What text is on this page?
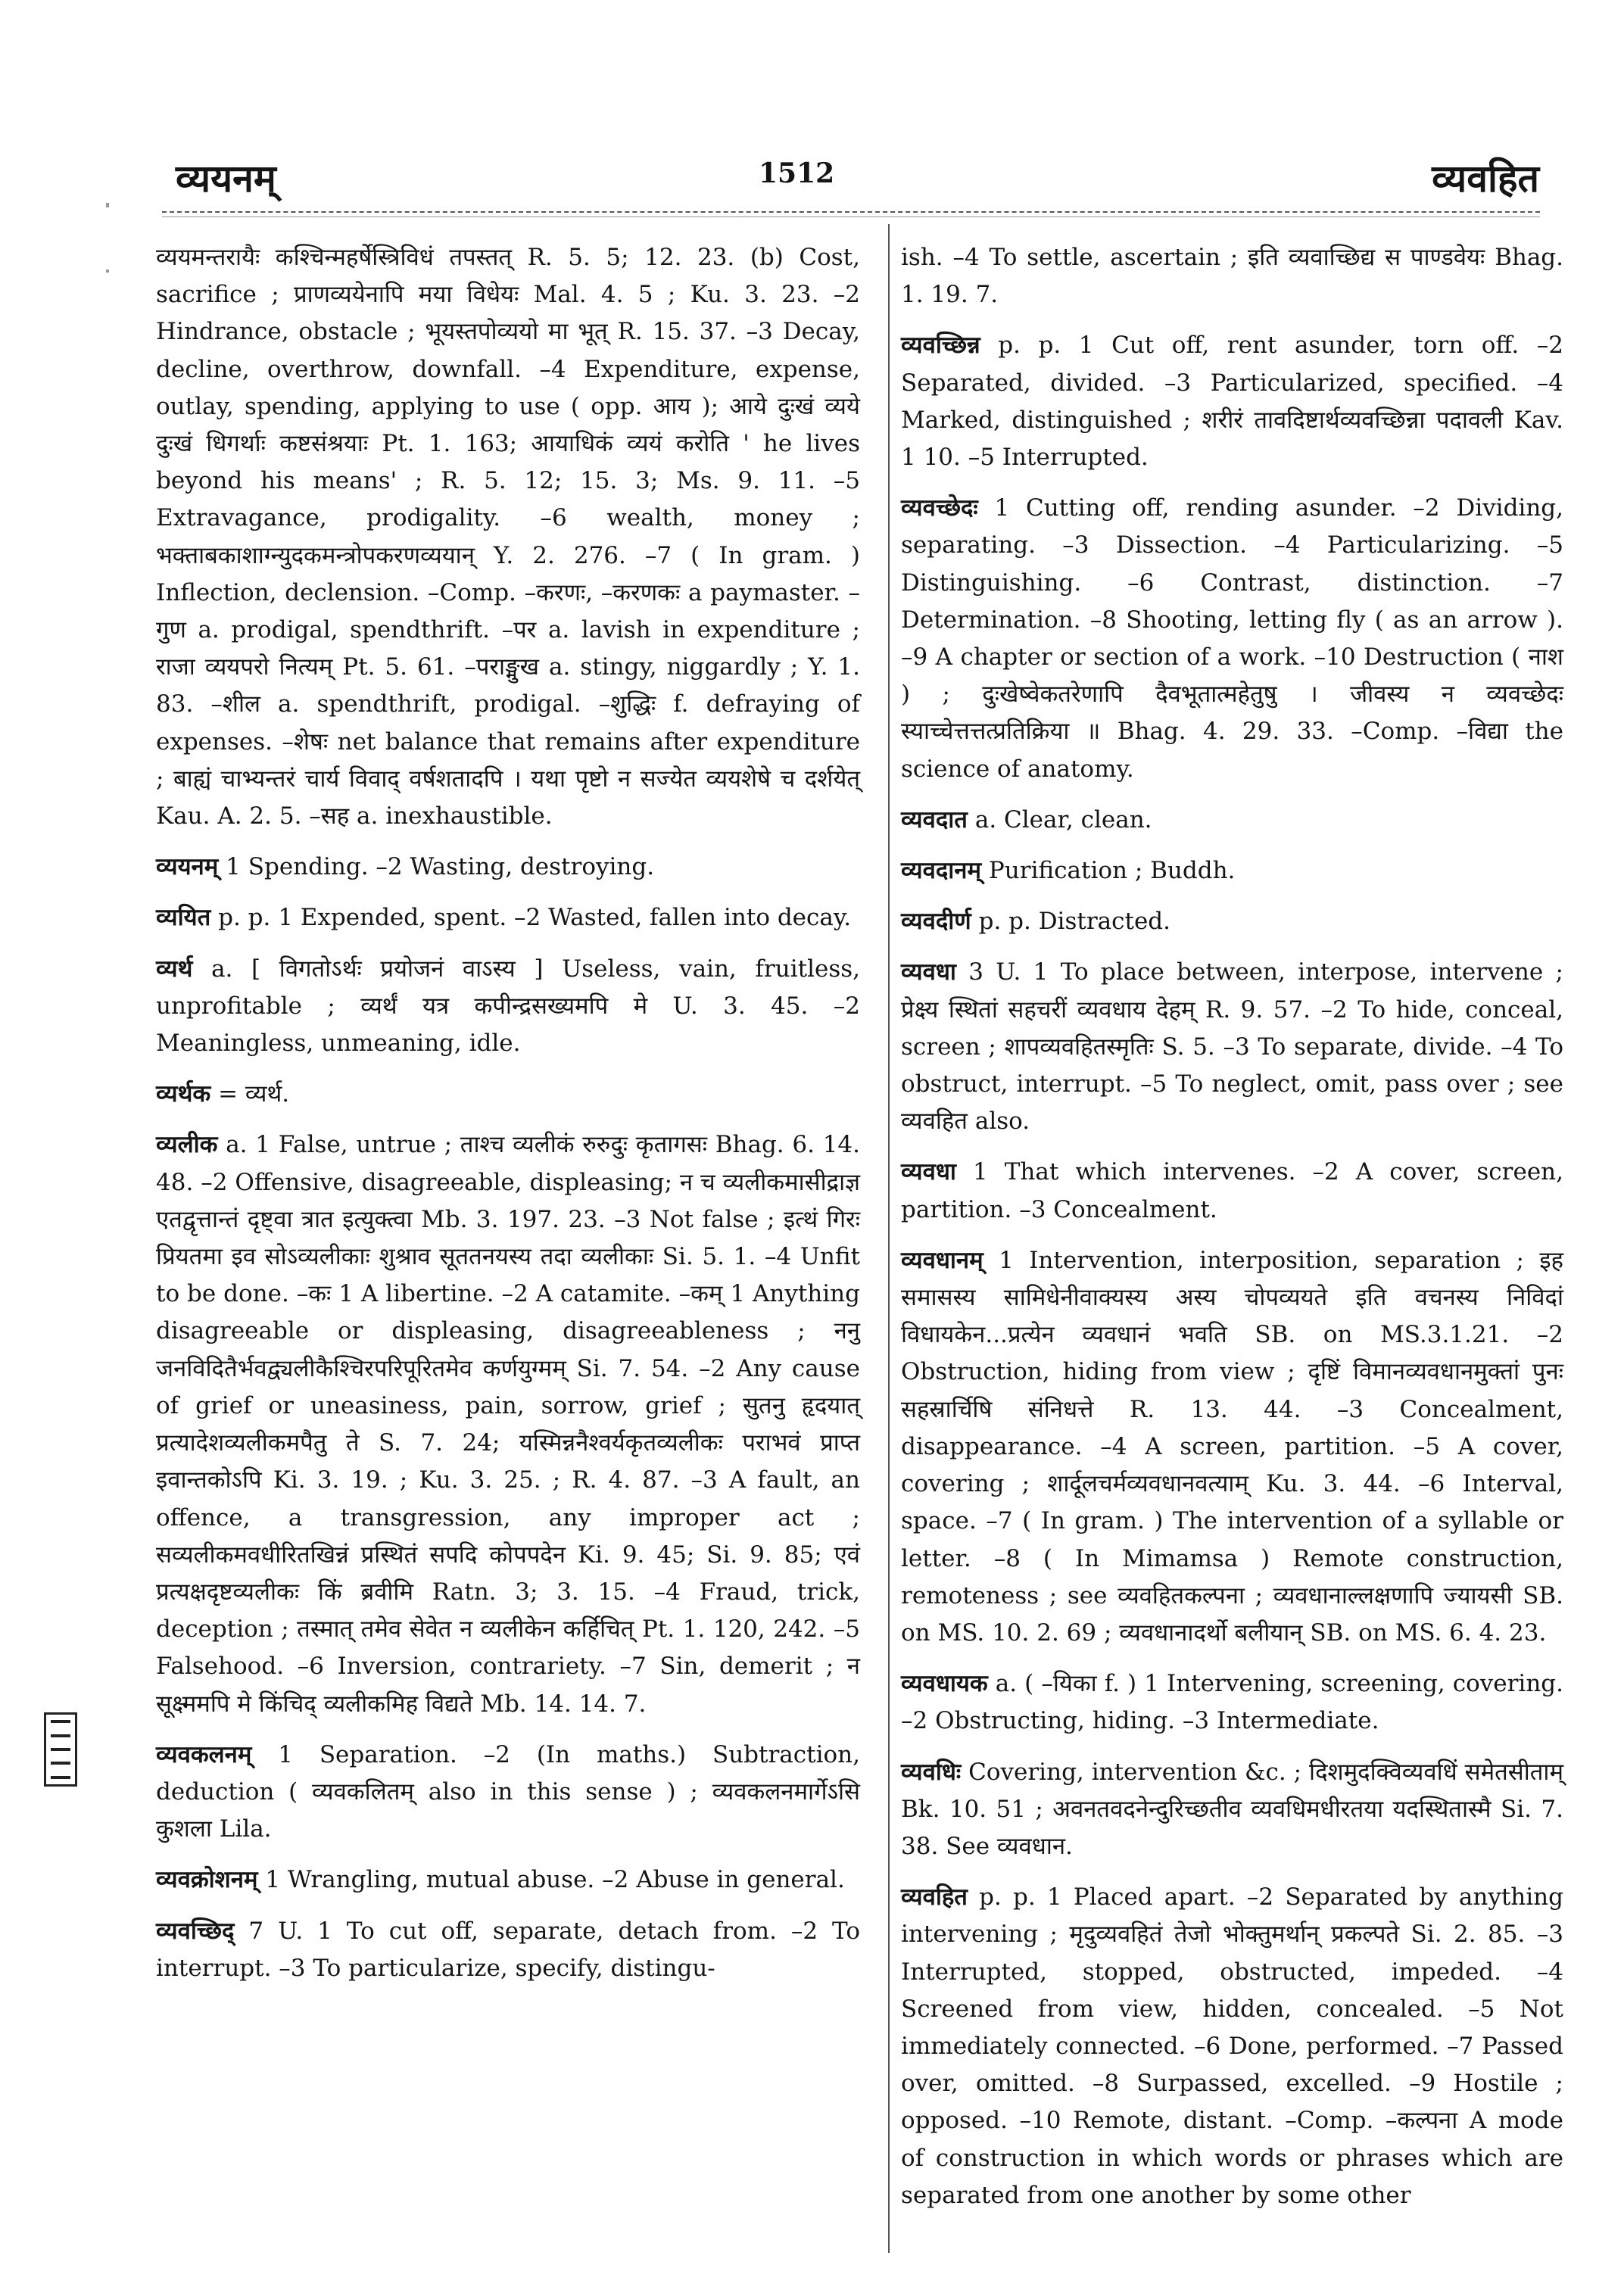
व्ययनम्	1512	व्यवहित

व्ययमन्तरायैः कश्चिन्महर्षेस्त्रिविधं तपस्तत् R. 5. 5; 12. 23. (b) Cost, sacrifice ; प्राणव्ययेनापि मया विधेयः Mal. 4. 5 ; Ku. 3. 23. –2 Hindrance, obstacle ; भूयस्तपोव्ययो मा भूत् R. 15. 37. –3 Decay, decline, overthrow, downfall. –4 Expenditure, expense, outlay, spending, applying to use ( opp. आय ); आये दुःखं व्यये दुःखं धिगर्थाः कष्टसंश्रयाः Pt. 1. 163; आयाधिकं व्ययं करोति ' he lives beyond his means' ; R. 5. 12; 15. 3; Ms. 9. 11. –5 Extravagance, prodigality. –6 wealth, money ; भक्ताबकाशाग्न्युदकमन्त्रोपकरणव्ययान् Y. 2. 276. –7 ( In gram. ) Inflection, declension. –Comp. –करणः, –करणकः a paymaster. –गुण a. prodigal, spendthrift. –पर a. lavish in expenditure ; राजा व्ययपरो नित्यम् Pt. 5. 61. –पराङ्मुख a. stingy, niggardly ; Y. 1. 83. –शील a. spendthrift, prodigal. –शुद्धिः f. defraying of expenses. –शेषः net balance that remains after expenditure ; बाह्यं चाभ्यन्तरं चार्य विवाद् वर्षशतादपि । यथा पृष्टो न सज्येत व्ययशेषे च दर्शयेत् Kau. A. 2. 5. –सह a. inexhaustible.

व्ययनम् 1 Spending. –2 Wasting, destroying.

व्ययित p. p. 1 Expended, spent. –2 Wasted, fallen into decay.

व्यर्थ a. [ विगतोऽर्थः प्रयोजनं वाऽस्य ] Useless, vain, fruitless, unprofitable ; व्यर्थं यत्र कपीन्द्रसख्यमपि मे U. 3. 45. –2 Meaningless, unmeaning, idle.

व्यर्थक = व्यर्थ.

व्यलीक a. 1 False, untrue ; ताश्च व्यलीकं रुरुदुः कृतागसः Bhag. 6. 14. 48. –2 Offensive, disagreeable, displeasing; न च व्यलीकमासीद्राज्ञ एतद्वृत्तान्तं दृष्ट्वा त्रात इत्युक्त्वा Mb. 3. 197. 23. –3 Not false ; इत्थं गिरः प्रियतमा इव सोऽव्यलीकाः शुश्राव सूततनयस्य तदा व्यलीकाः Si. 5. 1. –4 Unfit to be done. –कः 1 A libertine. –2 A catamite. –कम् 1 Anything disagreeable or displeasing, disagreeableness ; ननु जनविदितैर्भवद्व्यलीकैश्चिरपरिपूरितमेव कर्णयुग्मम् Si. 7. 54. –2 Any cause of grief or uneasiness, pain, sorrow, grief ; सुतनु हृदयात् प्रत्यादेशव्यलीकमपैतु ते S. 7. 24; यस्मिन्ननैश्वर्यकृतव्यलीकः पराभवं प्राप्त इवान्तकोऽपि Ki. 3. 19. ; Ku. 3. 25. ; R. 4. 87. –3 A fault, an offence, a transgression, any improper act ; सव्यलीकमवधीरितखिन्नं प्रस्थितं सपदि कोपपदेन Ki. 9. 45; Si. 9. 85; एवं प्रत्यक्षदृष्टव्यलीकः किं ब्रवीमि Ratn. 3; 3. 15. –4 Fraud, trick, deception ; तस्मात् तमेव सेवेत न व्यलीकेन कर्हिचित् Pt. 1. 120, 242. –5 Falsehood. –6 Inversion, contrariety. –7 Sin, demerit ; न सूक्ष्ममपि मे किंचिद् व्यलीकमिह विद्यते Mb. 14. 14. 7.

व्यवकलनम् 1 Separation. –2 (In maths.) Subtraction, deduction ( व्यवकलितम् also in this sense ) ; व्यवकलनमार्गेऽसि कुशला Lila.

व्यवक्रोशनम् 1 Wrangling, mutual abuse. –2 Abuse in general.

व्यवच्छिद् 7 U. 1 To cut off, separate, detach from. –2 To interrupt. –3 To particularize, specify, distingu-

ish. –4 To settle, ascertain ; इति व्यवाच्छिद्य स पाण्डवेयः Bhag. 1. 19. 7.

व्यवच्छिन्न p. p. 1 Cut off, rent asunder, torn off. –2 Separated, divided. –3 Particularized, specified. –4 Marked, distinguished ; शरीरं तावदिष्टार्थव्यवच्छिन्ना पदावली Kav. 1 10. –5 Interrupted.

व्यवच्छेदः 1 Cutting off, rending asunder. –2 Dividing, separating. –3 Dissection. –4 Particularizing. –5 Distinguishing. –6 Contrast, distinction. –7 Determination. –8 Shooting, letting fly ( as an arrow ). –9 A chapter or section of a work. –10 Destruction ( नाश ) ; दुःखेष्वेकतरेणापि दैवभूतात्महेतुषु । जीवस्य न व्यवच्छेदः स्याच्चेत्तत्तत्प्रतिक्रिया ॥ Bhag. 4. 29. 33. –Comp. –विद्या the science of anatomy.

व्यवदात a. Clear, clean.

व्यवदानम् Purification ; Buddh.

व्यवदीर्ण p. p. Distracted.

व्यवधा 3 U. 1 To place between, interpose, intervene ; प्रेक्ष्य स्थितां सहचरीं व्यवधाय देहम् R. 9. 57. –2 To hide, conceal, screen ; शापव्यवहितस्मृतिः S. 5. –3 To separate, divide. –4 To obstruct, interrupt. –5 To neglect, omit, pass over ; see व्यवहित also.

व्यवधा 1 That which intervenes. –2 A cover, screen, partition. –3 Concealment.

व्यवधानम् 1 Intervention, interposition, separation ; इह समासस्य सामिधेनीवाक्यस्य अस्य चोपव्ययते इति वचनस्य निविदां विधायकेन...प्रत्येन व्यवधानं भवति SB. on MS.3.1.21. –2 Obstruction, hiding from view ; दृष्टिं विमानव्यवधानमुक्तां पुनः सहस्रार्चिषि संनिधत्ते R. 13. 44. –3 Concealment, disappearance. –4 A screen, partition. –5 A cover, covering ; शार्दूलचर्मव्यवधानवत्याम् Ku. 3. 44. –6 Interval, space. –7 ( In gram. ) The intervention of a syllable or letter. –8 ( In Mimamsa ) Remote construction, remoteness ; see व्यवहितकल्पना ; व्यवधानाल्लक्षणापि ज्यायसी SB. on MS. 10. 2. 69 ; व्यवधानादर्थो बलीयान् SB. on MS. 6. 4. 23.

व्यवधायक a. ( –यिका f. ) 1 Intervening, screening, covering. –2 Obstructing, hiding. –3 Intermediate.

व्यवधिः Covering, intervention &c. ; दिशमुदक्विव्यवधिं समेतसीताम् Bk. 10. 51 ; अवनतवदनेन्दुरिच्छतीव व्यवधिमधीरतया यदस्थितास्मै Si. 7. 38. See व्यवधान.

व्यवहित p. p. 1 Placed apart. –2 Separated by anything intervening ; मृदुव्यवहितं तेजो भोक्तुमर्थान् प्रकल्पते Si. 2. 85. –3 Interrupted, stopped, obstructed, impeded. –4 Screened from view, hidden, concealed. –5 Not immediately connected. –6 Done, performed. –7 Passed over, omitted. –8 Surpassed, excelled. –9 Hostile ; opposed. –10 Remote, distant. –Comp. –कल्पना A mode of construction in which words or phrases which are separated from one another by some other
